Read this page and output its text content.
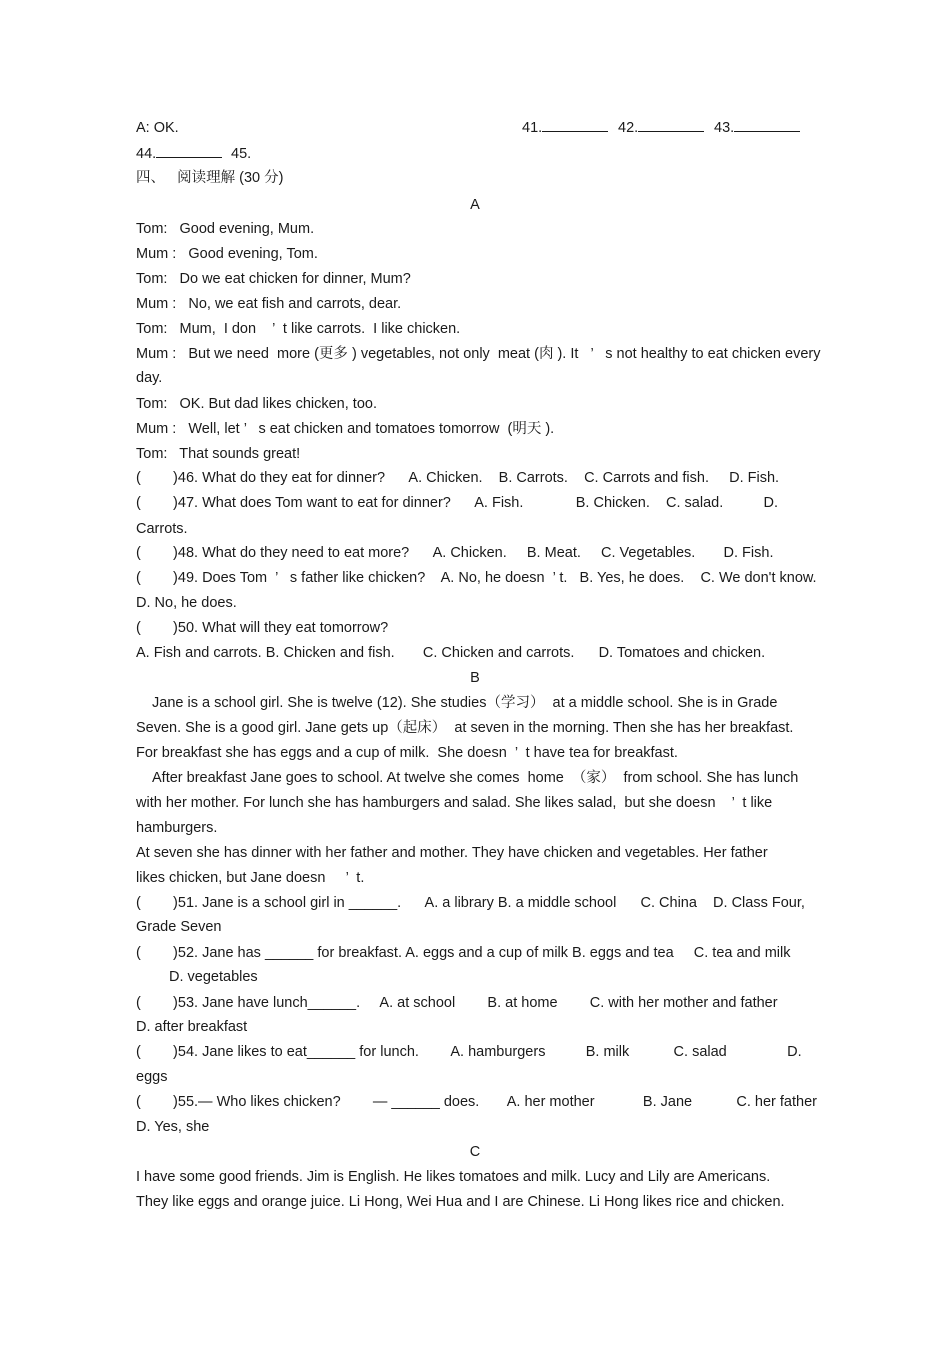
A: OK.	41.	42.	43.
44.	45.
四、   阅读理解 (30 分)
A
Tom:   Good evening, Mum.
Mum :   Good evening, Tom.
Tom:   Do we eat chicken for dinner, Mum?
Mum :   No, we eat fish and carrots, dear.
Tom:   Mum,  I don    ’  t like carrots.  I like chicken.
Mum :   But we need  more (更多 ) vegetables, not only  meat (肉 ). It   ’   s not healthy to eat chicken every
day.
Tom:   OK. But dad likes chicken, too.
Mum :   Well, let ’   s eat chicken and tomatoes tomorrow  (明天 ).
Tom:   That sounds great!
(        )46. What do they eat for dinner?      A. Chicken.    B. Carrots.    C. Carrots and fish.     D. Fish.
(        )47. What does Tom want to eat for dinner?      A. Fish.             B. Chicken.    C. salad.          D.
Carrots.
(        )48. What do they need to eat more?      A. Chicken.     B. Meat.     C. Vegetables.       D. Fish.
(        )49. Does Tom  ’   s father like chicken?    A. No, he doesn  ’ t.   B. Yes, he does.    C. We don't know.
D. No, he does.
(        )50. What will they eat tomorrow?
A. Fish and carrots. B. Chicken and fish.       C. Chicken and carrots.      D. Tomatoes and chicken.
B
Jane is a school girl. She is twelve (12). She studies（学习）  at a middle school. She is in Grade
Seven. She is a good girl. Jane gets up（起床）  at seven in the morning. Then she has her breakfast.
For breakfast she has eggs and a cup of milk.  She doesn  ’  t have tea for breakfast.
After breakfast Jane goes to school. At twelve she comes  home  （家）  from school. She has lunch
with her mother. For lunch she has hamburgers and salad. She likes salad,  but she doesn    ’  t like
hamburgers.
At seven she has dinner with her father and mother. They have chicken and vegetables. Her father
likes chicken, but Jane doesn     ’  t.
(        )51. Jane is a school girl in ______.      A. a library B. a middle school      C. China    D. Class Four,
Grade Seven
(        )52. Jane has ______ for breakfast. A. eggs and a cup of milk B. eggs and tea     C. tea and milk
D. vegetables
(        )53. Jane have lunch______.     A. at school        B. at home        C. with her mother and father
D. after breakfast
(        )54. Jane likes to eat______ for lunch.        A. hamburgers          B. milk           C. salad               D.
eggs
(        )55.— Who likes chicken?        — ______ does.       A. her mother            B. Jane           C. her father
D. Yes, she
C
I have some good friends. Jim is English. He likes tomatoes and milk. Lucy and Lily are Americans.
They like eggs and orange juice. Li Hong, Wei Hua and I are Chinese. Li Hong likes rice and chicken.
